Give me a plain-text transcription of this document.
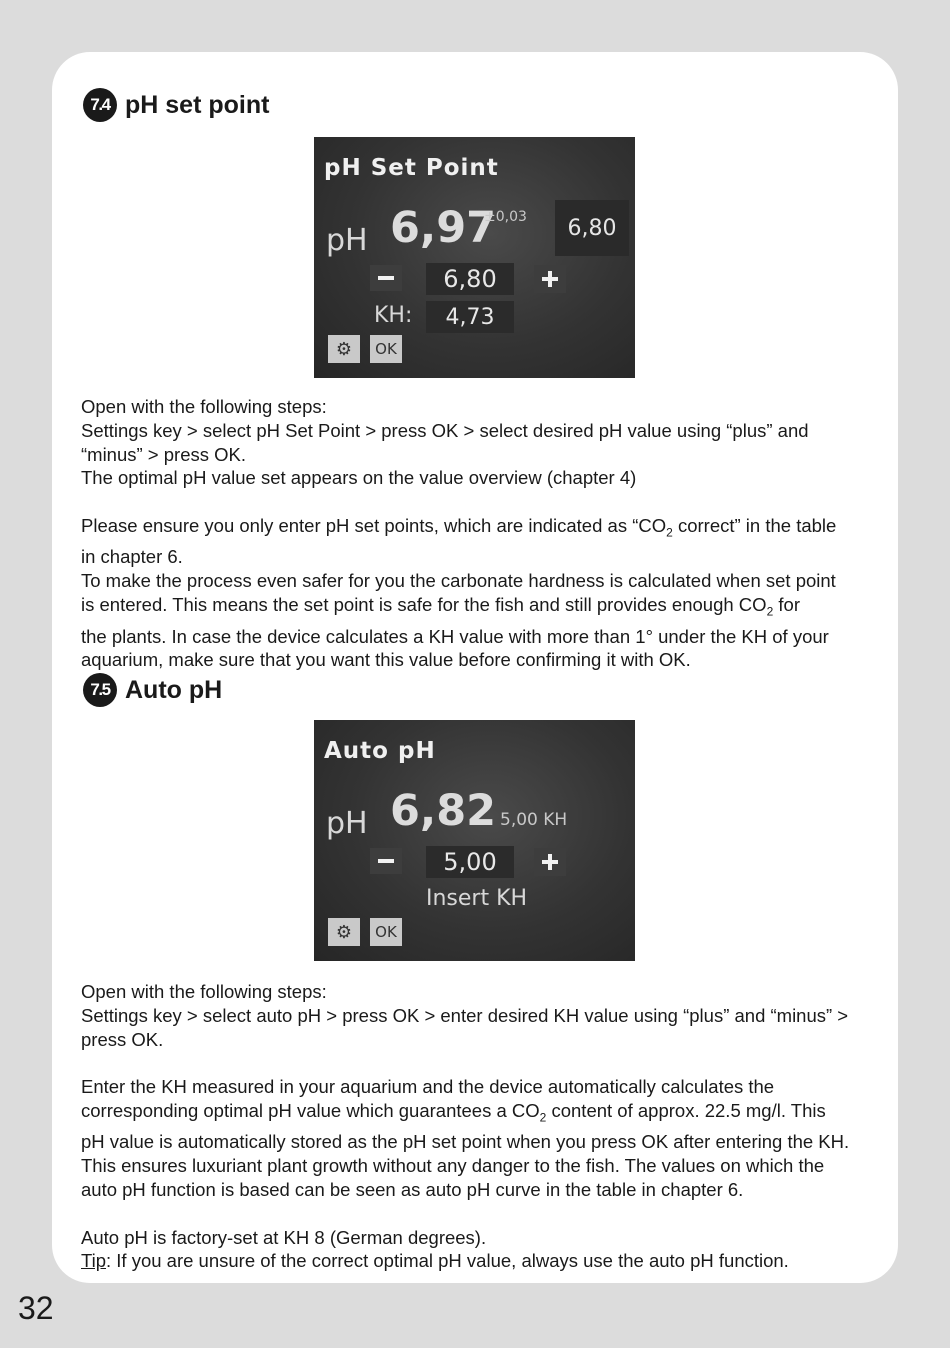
7.4 pH set point
pH Set Point
pH 6,97
±0,03	6,80
6,80
KH:	4,73
⚙	OK
Open with the following steps:
Settings key > select pH Set Point > press OK > select desired pH value using “plus” and
“minus” > press OK.
The optimal pH value set appears on the value overview (chapter 4)
Please ensure you only enter pH set points, which are indicated as “$CO_2$ correct” in the table
in chapter 6.
To make the process even safer for you the carbonate hardness is calculated when set point
is entered. This means the set point is safe for the fish and still provides enough $CO_2$ for
the plants. In case the device calculates a KH value with more than 1° under the KH of your
aquarium, make sure that you want this value before confirming it with OK.
7.5 Auto pH
Auto pH
pH 6,82 5,00 KH
5,00
Insert KH
⚙	OK
Open with the following steps:
Settings key > select auto pH > press OK > enter desired KH value using “plus” and “minus” >
press OK.
Enter the KH measured in your aquarium and the device automatically calculates the
corresponding optimal pH value which guarantees a $CO_2$ content of approx. 22.5 mg/l. This
pH value is automatically stored as the pH set point when you press OK after entering the KH.
This ensures luxuriant plant growth without any danger to the fish. The values on which the
auto pH function is based can be seen as auto pH curve in the table in chapter 6.
Auto pH is factory-set at KH 8 (German degrees).
Tip: If you are unsure of the correct optimal pH value, always use the auto pH function.
32
